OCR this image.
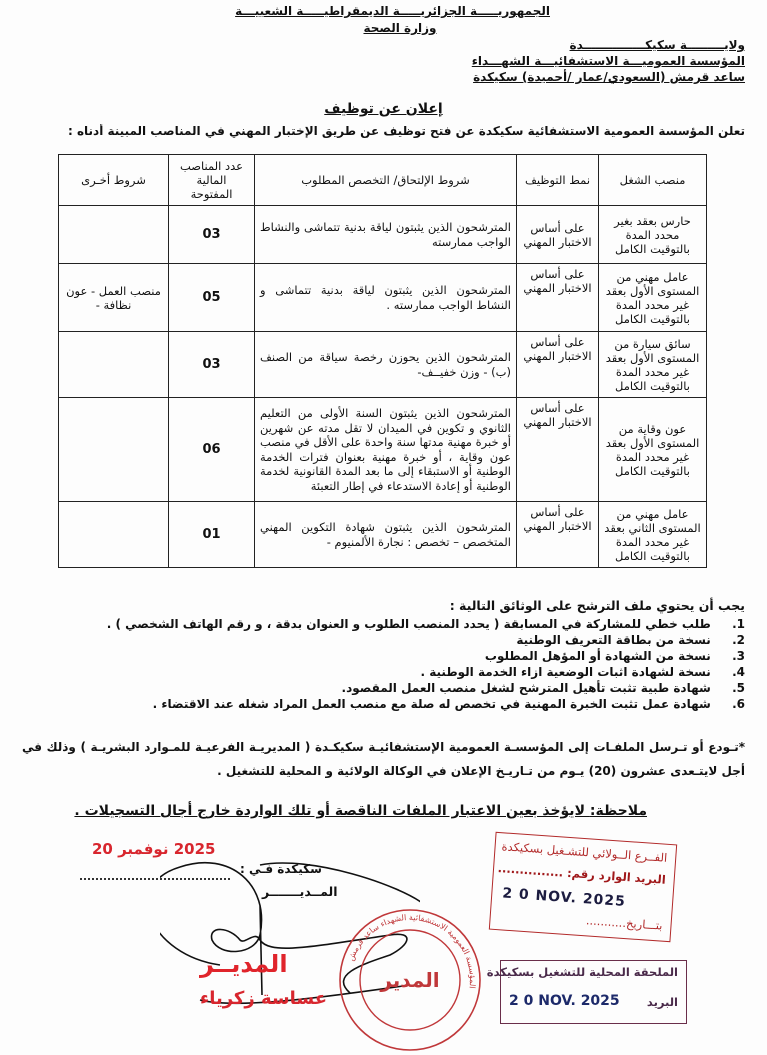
الجمهوريـــــة الجزائريـــــة الديمقراطيـــــة الشعبيـــة
وزارة الصحة
ولايـــــــــة سكيكـــــــــــــــدة
المؤسسة العموميـــة الاستشفائيـــة الشهـــداء
ساعد قرمش (السعودي/عمار /أحميدة) سكيكدة
إعلان عن توظيف
تعلن المؤسسة العمومية الاستشفائية سكيكدة عن فتح توظيف عن طريق الإختبار المهني في المناصب المبينة أدناه :
منصب الشغل	نمط التوظيف	شروط الإلتحاق/ التخصص المطلوب	عدد المناصب المالية المفتوحة	شروط أخـرى
حارس بعقد بغير محدد المدة بالتوقيت الكامل	على أساس الاختبار المهني	المترشحون الذين يثبتون لياقة بدنية تتماشى والنشاط الواجب ممارسته	03	
عامل مهني من المستوى الأول بعقد غير محدد المدة بالتوقيت الكامل	على أساس الاختبار المهني	المترشحون الذين يثبتون لياقة بدنية تتماشى و النشاط الواجب ممارسته .	05	منصب العمل - عون نظافة -
سائق سيارة من المستوى الأول بعقد غير محدد المدة بالتوقيت الكامل	على أساس الاختبار المهني	المترشحون الذين يحوزن رخصة سياقة من الصنف (ب) - وزن خفيــف-	03	
عون وقاية من المستوى الأول بعقد غير محدد المدة بالتوقيت الكامل	على أساس الاختبار المهني	المترشحون الذين يثبتون السنة الأولى من التعليم الثانوي و تكوين في الميدان لا تقل مدته عن شهرين أو خبرة مهنية مدتها سنة واحدة على الأقل في منصب عون وقاية ، أو خبرة مهنية بعنوان فترات الخدمة الوطنية أو الاستبقاء إلى ما بعد المدة القانونية لخدمة الوطنية أو إعادة الاستدعاء في إطار التعبئة	06	
عامل مهني من المستوى الثاني بعقد غير محدد المدة بالتوقيت الكامل	على أساس الاختبار المهني	المترشحون الذين يثبتون شهادة التكوين المهني المتخصص – تخصص : نجارة الألمنيوم -	01	
يجب أن يحتوي ملف الترشح على الوثائق التالية :
1. طلب خطي للمشاركة في المسابقة ( يحدد المنصب الطلوب و العنوان بدقة ، و رقم الهاتف الشخصي ) .
2. نسخة من بطاقة التعريف الوطنية
3. نسخة من الشهادة أو المؤهل المطلوب
4. نسخة لشهادة اثبات الوضعية ازاء الخدمة الوطنية .
5. شهادة طبية تثبت تأهيل المترشح لشغل منصب العمل المقصود.
6. شهادة عمل تثبت الخبرة المهنية في تخصص له صلة مع منصب العمل المراد شغله عند الاقتضاء .
*تـودع أو تـرسل الملفـات إلى المؤسسـة العمومية الإستشفائيـة سكيكـدة ( المديريـة الفرعيـة للمـوارد البشريـة ) وذلك في أجل لايتـعدى عشرون (20) يـوم من تـاريـخ الإعلان في الوكالة الولائية و المحلية للتشغيل .
ملاحظة: لايؤخذ بعين الاعتبار الملفات الناقصة أو تلك الواردة خارج أجال التسجيلات .
2025 نوفمبر 20
سكيكدة فـي :
المــديـــــــر
المؤسسة العمومية الاستشفائية الشهداء ساعد قرمش
المدير
المديــر
عساسة زكرياء
الفــرع الــولائي للتشـغيل بسكيكدة
البريد الوارد رقم: ...............
2 0 NOV. 2025
بتـــاريخ...........
الملحقة المحلية للتشغيل بسكيكدة
2 0 NOV. 2025 البريد
